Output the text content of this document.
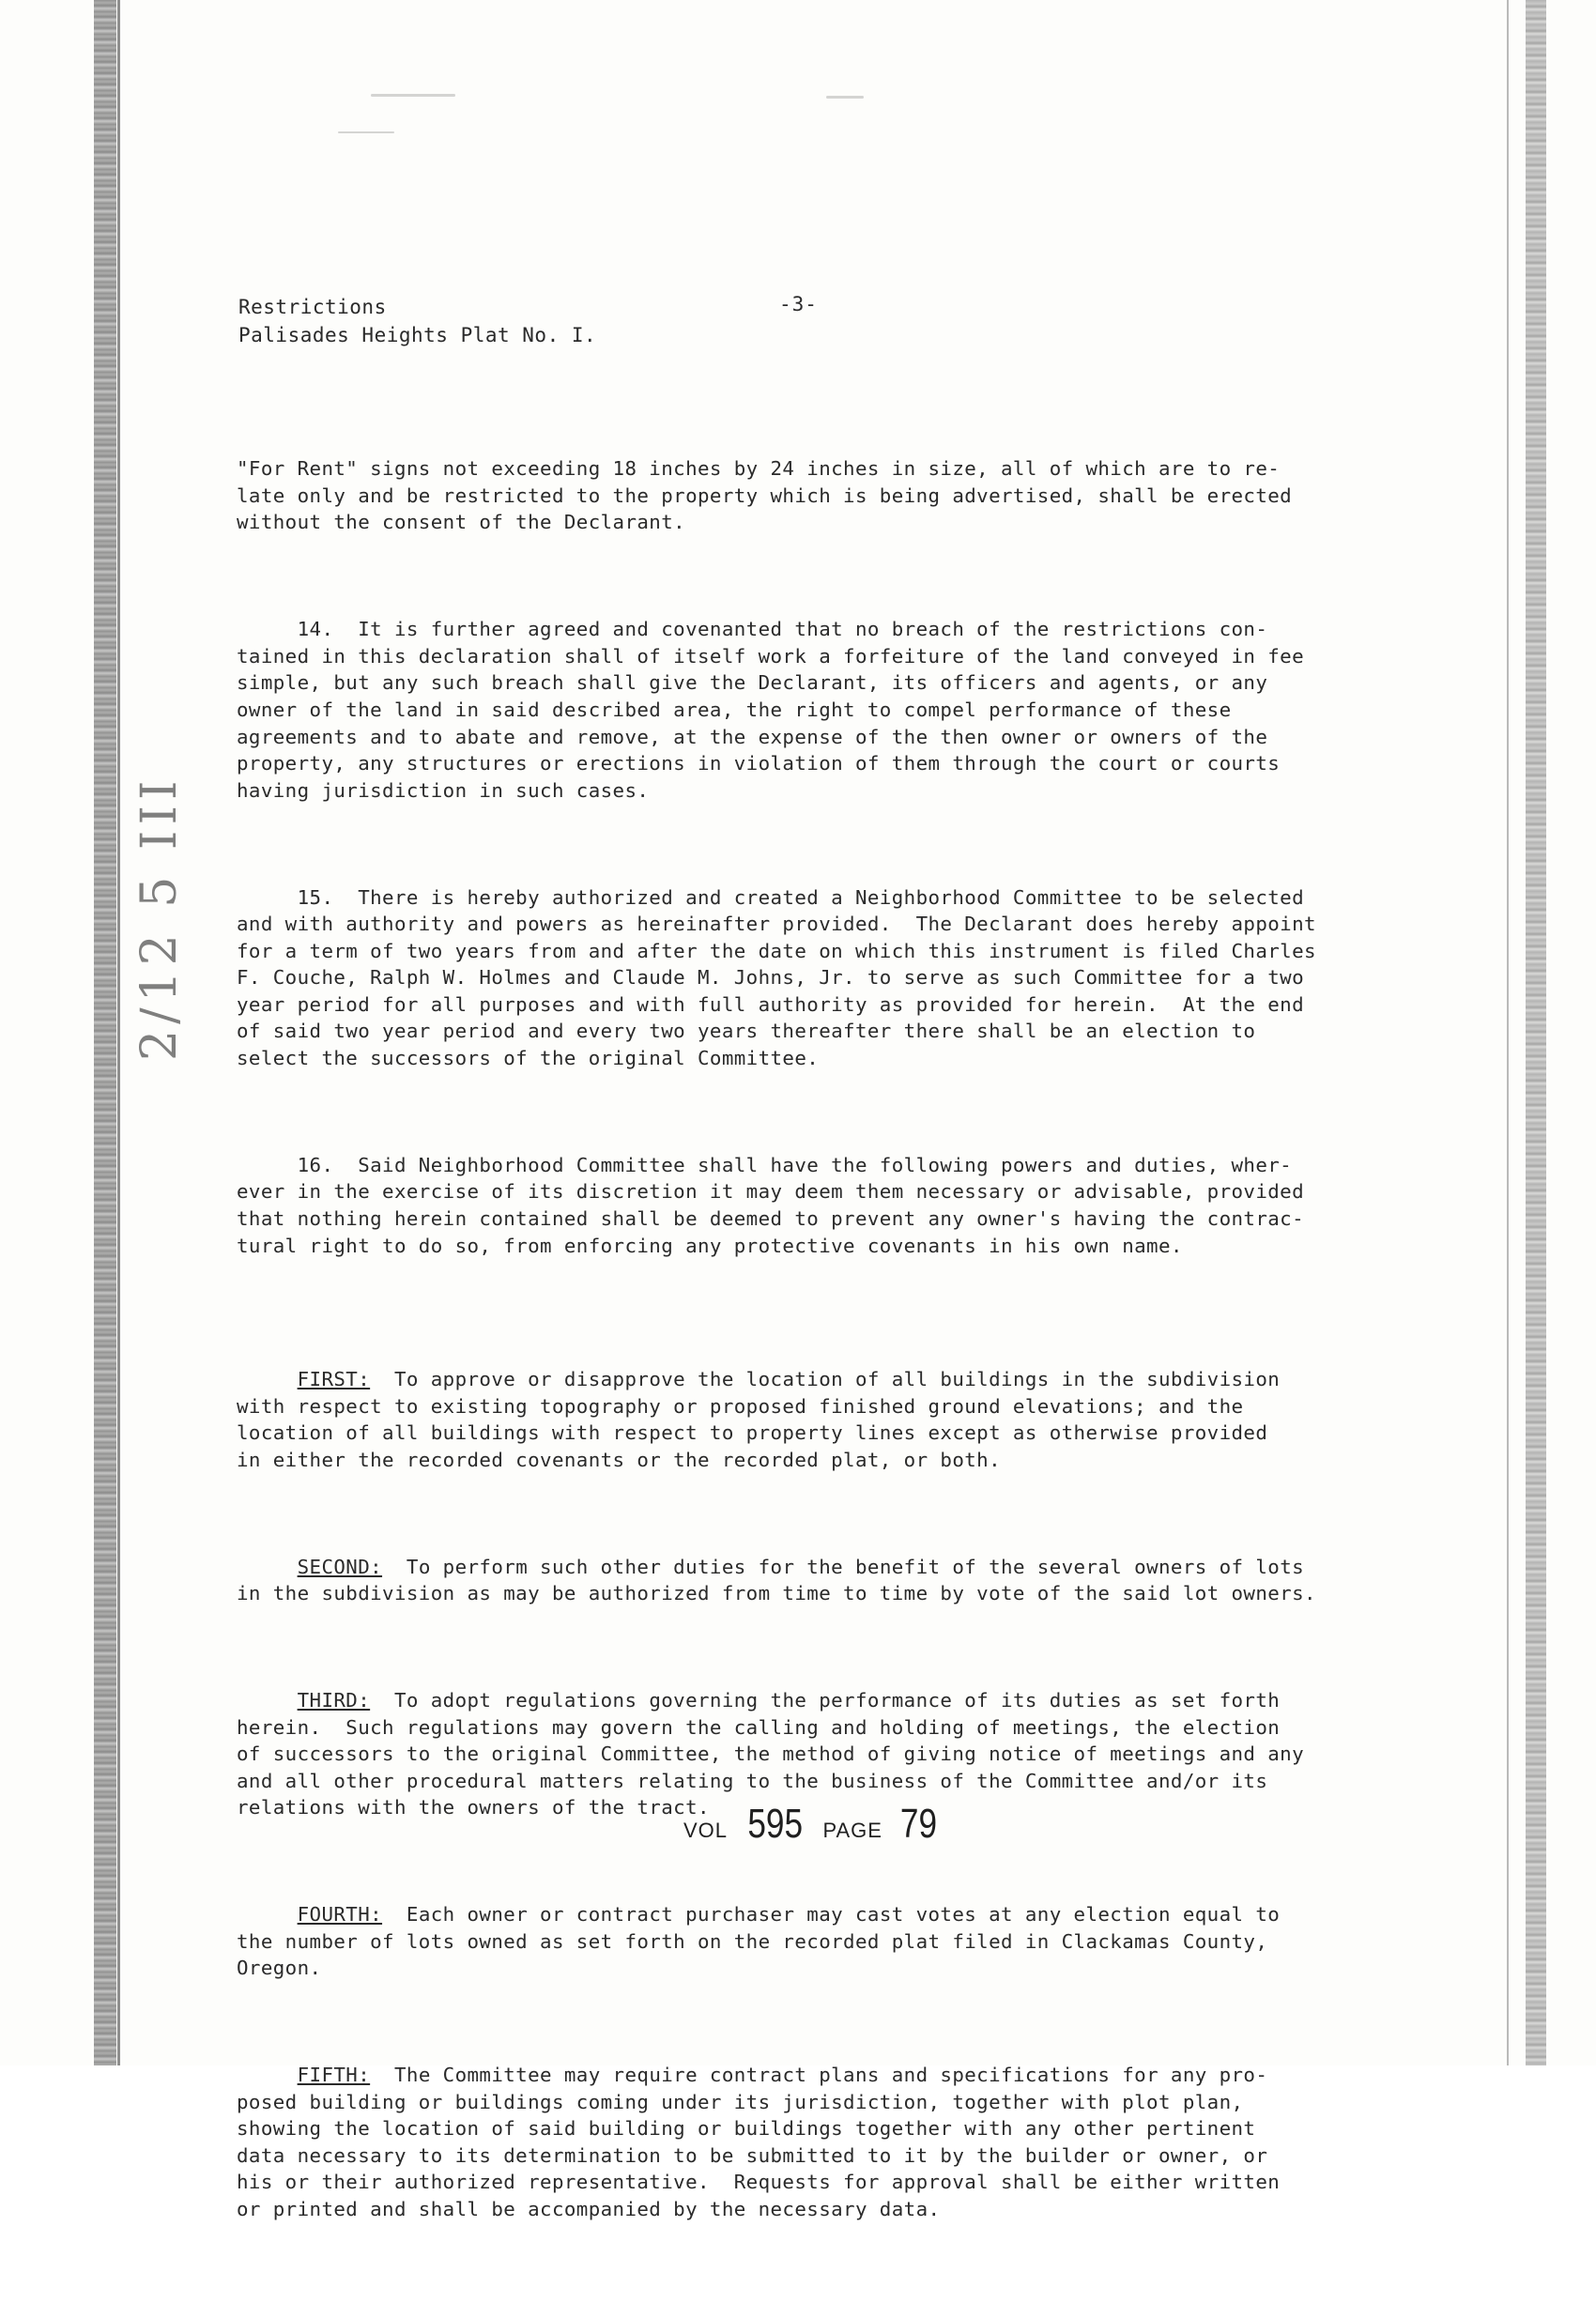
Restrictions
Palisades Heights Plat No. I.
-3-

"For Rent" signs not exceeding 18 inches by 24 inches in size, all of which are to re-
late only and be restricted to the property which is being advertised, shall be erected
without the consent of the Declarant.

14.  It is further agreed and covenanted that no breach of the restrictions con-
tained in this declaration shall of itself work a forfeiture of the land conveyed in fee
simple, but any such breach shall give the Declarant, its officers and agents, or any
owner of the land in said described area, the right to compel performance of these
agreements and to abate and remove, at the expense of the then owner or owners of the
property, any structures or erections in violation of them through the court or courts
having jurisdiction in such cases.

15.  There is hereby authorized and created a Neighborhood Committee to be selected
and with authority and powers as hereinafter provided.  The Declarant does hereby appoint
for a term of two years from and after the date on which this instrument is filed Charles
F. Couche, Ralph W. Holmes and Claude M. Johns, Jr. to serve as such Committee for a two
year period for all purposes and with full authority as provided for herein.  At the end
of said two year period and every two years thereafter there shall be an election to
select the successors of the original Committee.

16.  Said Neighborhood Committee shall have the following powers and duties, wher-
ever in the exercise of its discretion it may deem them necessary or advisable, provided
that nothing herein contained shall be deemed to prevent any owner's having the contrac-
tural right to do so, from enforcing any protective covenants in his own name.

FIRST:  To approve or disapprove the location of all buildings in the subdivision
with respect to existing topography or proposed finished ground elevations; and the
location of all buildings with respect to property lines except as otherwise provided
in either the recorded covenants or the recorded plat, or both.

SECOND:  To perform such other duties for the benefit of the several owners of lots
in the subdivision as may be authorized from time to time by vote of the said lot owners.

THIRD:  To adopt regulations governing the performance of its duties as set forth
herein.  Such regulations may govern the calling and holding of meetings, the election
of successors to the original Committee, the method of giving notice of meetings and any
and all other procedural matters relating to the business of the Committee and/or its
relations with the owners of the tract.

FOURTH:  Each owner or contract purchaser may cast votes at any election equal to
the number of lots owned as set forth on the recorded plat filed in Clackamas County,
Oregon.

FIFTH:  The Committee may require contract plans and specifications for any pro-
posed building or buildings coming under its jurisdiction, together with plot plan,
showing the location of said building or buildings together with any other pertinent
data necessary to its determination to be submitted to it by the builder or owner, or
his or their authorized representative.  Requests for approval shall be either written
or printed and shall be accompanied by the necessary data.

2/12 5 III
VOL 595 PAGE 79
